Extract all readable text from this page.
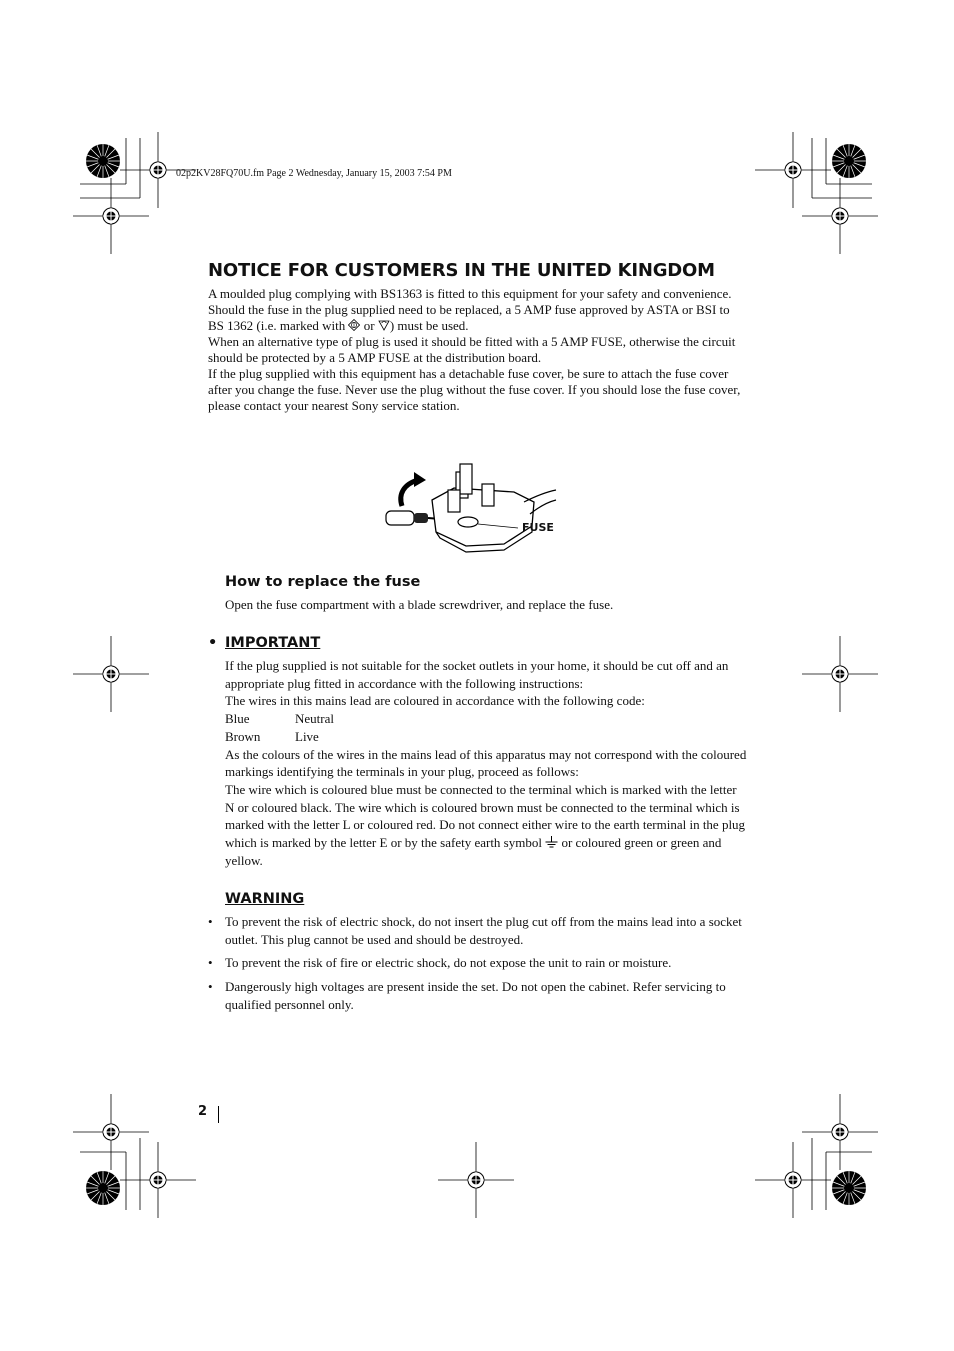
02p2KV28FQ70U.fm Page 2 Wednesday, January 15, 2003 7:54 PM
NOTICE FOR CUSTOMERS IN THE UNITED KINGDOM

A moulded plug complying with BS1363 is fitted to this equipment for your safety and convenience.

Should the fuse in the plug supplied need to be replaced, a 5 AMP fuse approved by ASTA or BSI to BS 1362 (i.e. marked with or ) must be used.

When an alternative type of plug is used it should be fitted with a 5 AMP FUSE, otherwise the circuit should be protected by a 5 AMP FUSE at the distribution board.

If the plug supplied with this equipment has a detachable fuse cover, be sure to attach the fuse cover after you change the fuse. Never use the plug without the fuse cover. If you should lose the fuse cover, please contact your nearest Sony service station.

FUSE
How to replace the fuse
Open the fuse compartment with a blade screwdriver, and replace the fuse.
• IMPORTANT

If the plug supplied is not suitable for the socket outlets in your home, it should be cut off and an appropriate plug fitted in accordance with the following instructions:

The wires in this mains lead are coloured in accordance with the following code:

Blue	Neutral
Brown	Live

As the colours of the wires in the mains lead of this apparatus may not correspond with the coloured markings identifying the terminals in your plug, proceed as follows:

The wire which is coloured blue must be connected to the terminal which is marked with the letter N or coloured black. The wire which is coloured brown must be connected to the terminal which is marked with the letter L or coloured red. Do not connect either wire to the earth terminal in the plug which is marked by the letter E or by the safety earth symbol or coloured green or green and yellow.

WARNING
• To prevent the risk of electric shock, do not insert the plug cut off from the mains lead into a socket outlet. This plug cannot be used and should be destroyed.
• To prevent the risk of fire or electric shock, do not expose the unit to rain or moisture.
• Dangerously high voltages are present inside the set. Do not open the cabinet. Refer servicing to qualified personnel only.
2
